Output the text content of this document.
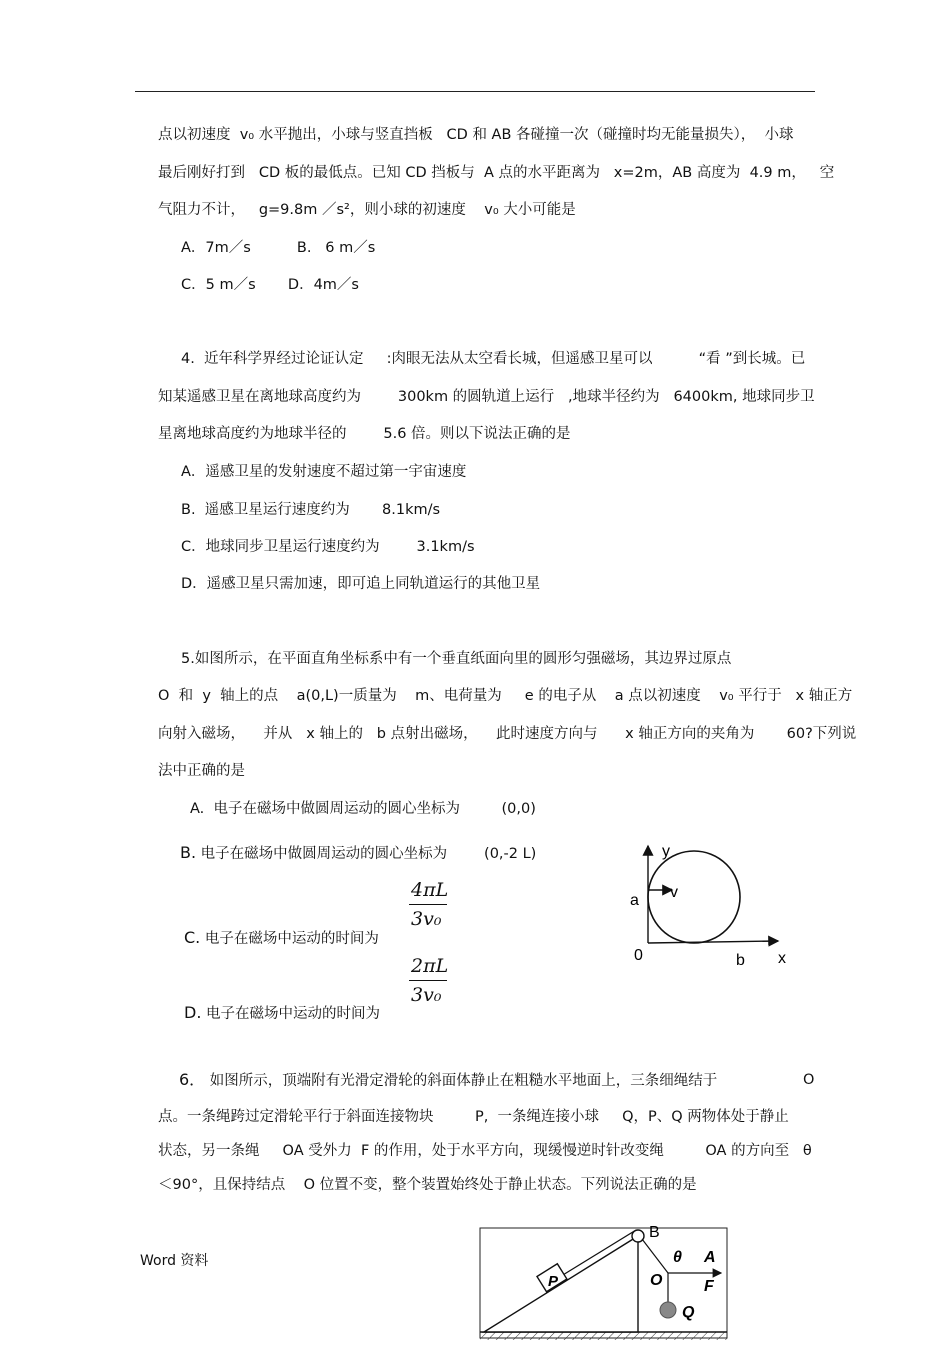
点以初速度  v₀ 水平抛出，小球与竖直挡板   CD 和 AB 各碰撞一次（碰撞时均无能量损失），  小球
最后刚好打到   CD 板的最低点。已知 CD 挡板与  A 点的水平距离为   x=2m，AB 高度为  4.9 m，   空
气阻力不计，   g=9.8m ／s²，则小球的初速度    v₀ 大小可能是
A．7m／s          B.   6 m／s
C．5 m／s       D．4m／s
4.  近年科学界经过论证认定     :肉眼无法从太空看长城，但遥感卫星可以          “看 ”到长城。已
知某遥感卫星在离地球高度约为        300km 的圆轨道上运行   ,地球半径约为   6400km, 地球同步卫
星离地球高度约为地球半径的        5.6 倍。则以下说法正确的是
A．遥感卫星的发射速度不超过第一宇宙速度
B.  遥感卫星运行速度约为       8.1km/s
C．地球同步卫星运行速度约为        3.1km/s
D．遥感卫星只需加速，即可追上同轨道运行的其他卫星
5.如图所示，在平面直角坐标系中有一个垂直纸面向里的圆形匀强磁场，其边界过原点
O  和  y  轴上的点    a(0,L)一质量为    m、电荷量为     e 的电子从    a 点以初速度    v₀ 平行于   x 轴正方
向射入磁场，    并从   x 轴上的   b 点射出磁场，    此时速度方向与      x 轴正方向的夹角为       60?下列说
法中正确的是
A.  电子在磁场中做圆周运动的圆心坐标为         (0,0)
B. 电子在磁场中做圆周运动的圆心坐标为        (0,-2 L)
C. 电子在磁场中运动的时间为
4πL
3v₀
D. 电子在磁场中运动的时间为
2πL
3v₀
y
a v
0	b x
6． 如图所示，顶端附有光滑定滑轮的斜面体静止在粗糙水平地面上，三条细绳结于	O
点。一条绳跨过定滑轮平行于斜面连接物块         P,  一条绳连接小球     Q，P、Q 两物体处于静止
状态，另一条绳     OA 受外力  F 的作用，处于水平方向，现缓慢逆时针改变绳         OA 的方向至   θ
＜90°，且保持结点    O 位置不变，整个装置始终处于静止状态。下列说法正确的是
B
θ A
O	F
P
Q
Word 资料
